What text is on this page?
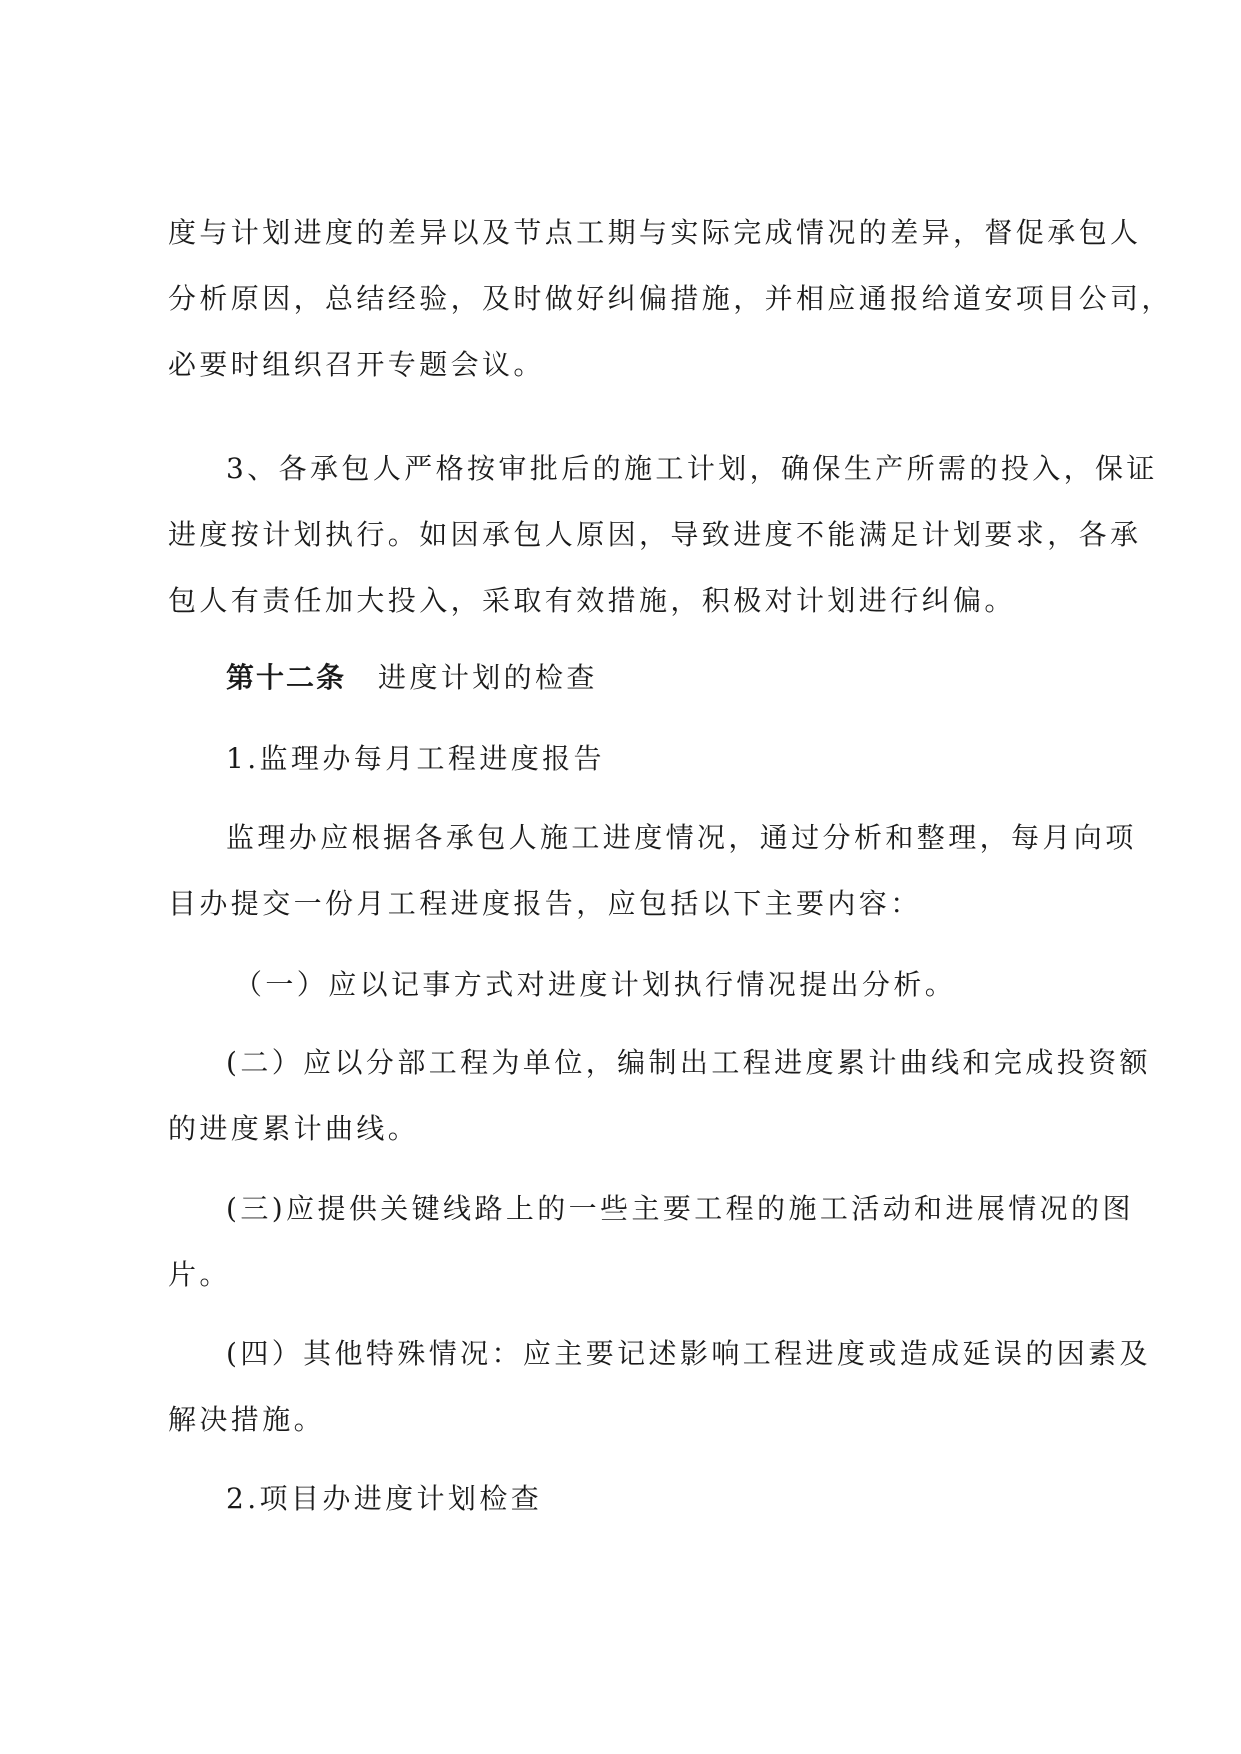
度与计划进度的差异以及节点工期与实际完成情况的差异，督促承包人
分析原因，总结经验，及时做好纠偏措施，并相应通报给道安项目公司，
必要时组织召开专题会议。
3、各承包人严格按审批后的施工计划，确保生产所需的投入，保证
进度按计划执行。如因承包人原因，导致进度不能满足计划要求，各承
包人有责任加大投入，采取有效措施，积极对计划进行纠偏。
第十二条 进度计划的检查
1.监理办每月工程进度报告
监理办应根据各承包人施工进度情况，通过分析和整理，每月向项
目办提交一份月工程进度报告，应包括以下主要内容：
（一）应以记事方式对进度计划执行情况提出分析。
(二）应以分部工程为单位，编制出工程进度累计曲线和完成投资额
的进度累计曲线。
(三)应提供关键线路上的一些主要工程的施工活动和进展情况的图
片。
(四）其他特殊情况：应主要记述影响工程进度或造成延误的因素及
解决措施。
2.项目办进度计划检查
